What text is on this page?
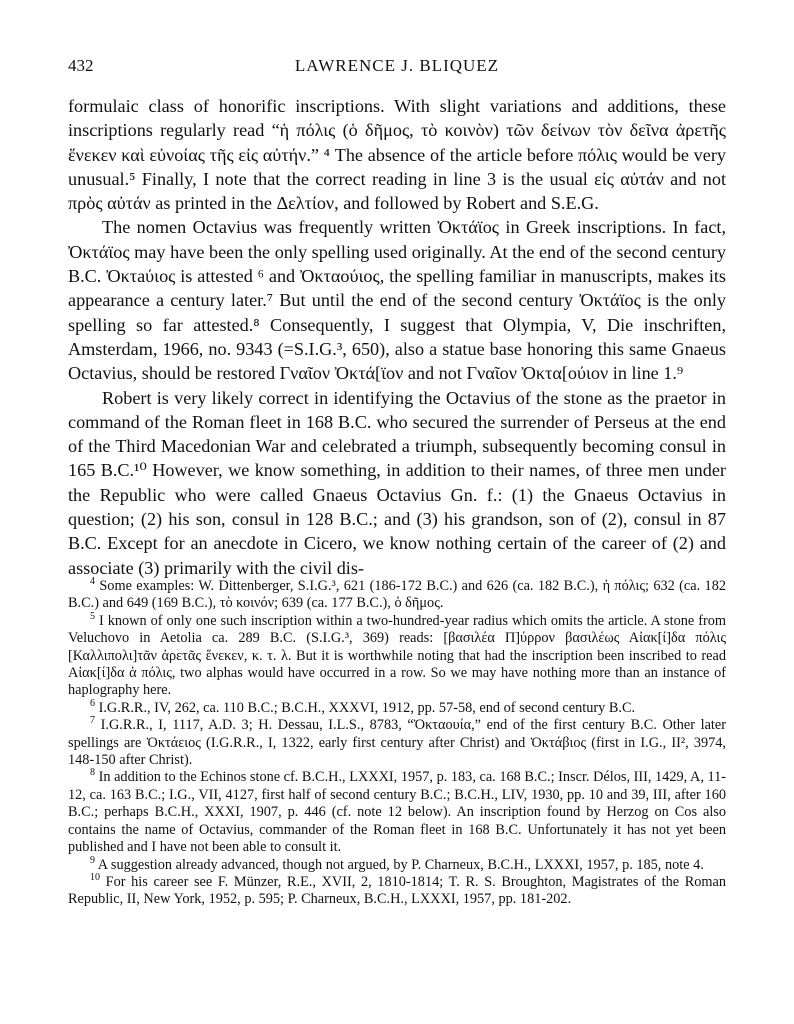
432	LAWRENCE J. BLIQUEZ

formulaic class of honorific inscriptions. With slight variations and additions, these inscriptions regularly read “ἡ πόλις (ὁ δῆμος, τὸ κοινὸν) τῶν δείνων τὸν δεῖνα ἀρετῆς ἕνεκεν καὶ εὐνοίας τῆς εἰς αὐτήν.” ⁴ The absence of the article before πόλις would be very unusual.⁵ Finally, I note that the correct reading in line 3 is the usual εἰς αὐτάν and not πρὸς αὐτάν as printed in the Δελτίον, and followed by Robert and S.E.G.

The nomen Octavius was frequently written Ὀκτάϊος in Greek inscriptions. In fact, Ὀκτάϊος may have been the only spelling used originally. At the end of the second century B.C. Ὀκτaύιος is attested ⁶ and Ὀκταούιος, the spelling familiar in manuscripts, makes its appearance a century later.⁷ But until the end of the second century Ὀκτάϊος is the only spelling so far attested.⁸ Consequently, I suggest that Olympia, V, Die inschriften, Amsterdam, 1966, no. 9343 (=S.I.G.³, 650), also a statue base honoring this same Gnaeus Octavius, should be restored Γναῖον Ὀκτά[ϊον and not Γναῖον Ὀκτα[ούιον in line 1.⁹

Robert is very likely correct in identifying the Octavius of the stone as the praetor in command of the Roman fleet in 168 B.C. who secured the surrender of Perseus at the end of the Third Macedonian War and celebrated a triumph, subsequently becoming consul in 165 B.C.¹⁰ However, we know something, in addition to their names, of three men under the Republic who were called Gnaeus Octavius Gn. f.: (1) the Gnaeus Octavius in question; (2) his son, consul in 128 B.C.; and (3) his grandson, son of (2), consul in 87 B.C. Except for an anecdote in Cicero, we know nothing certain of the career of (2) and associate (3) primarily with the civil dis-

$^4$ Some examples: W. Dittenberger, S.I.G.³, 621 (186-172 B.C.) and 626 (ca. 182 B.C.), ἡ πόλις; 632 (ca. 182 B.C.) and 649 (169 B.C.), τὸ κοινόν; 639 (ca. 177 B.C.), ὁ δῆμος.

$^5$ I known of only one such inscription within a two-hundred-year radius which omits the article. A stone from Veluchovo in Aetolia ca. 289 B.C. (S.I.G.³, 369) reads: [βασιλέα Π]ύρρον βασιλέως Αἰακ[ί]δα πόλις [Καλλιπολι]τᾶν ἀρετᾶς ἕνεκεν, κ. τ. λ. But it is worthwhile noting that had the inscription been inscribed to read Αἰακ[ί]δα ἁ πόλις, two alphas would have occurred in a row. So we may have nothing more than an instance of haplography here.

$^6$ I.G.R.R., IV, 262, ca. 110 B.C.; B.C.H., XXXVI, 1912, pp. 57-58, end of second century B.C.

$^7$ I.G.R.R., I, 1117, A.D. 3; H. Dessau, I.L.S., 8783, “Ὀκταουία,” end of the first century B.C. Other later spellings are Ὀκτάειος (I.G.R.R., I, 1322, early first century after Christ) and Ὀκτάβιος (first in I.G., II², 3974, 148-150 after Christ).

$^8$ In addition to the Echinos stone cf. B.C.H., LXXXI, 1957, p. 183, ca. 168 B.C.; Inscr. Délos, III, 1429, A, 11-12, ca. 163 B.C.; I.G., VII, 4127, first half of second century B.C.; B.C.H., LIV, 1930, pp. 10 and 39, III, after 160 B.C.; perhaps B.C.H., XXXI, 1907, p. 446 (cf. note 12 below). An inscription found by Herzog on Cos also contains the name of Octavius, commander of the Roman fleet in 168 B.C. Unfortunately it has not yet been published and I have not been able to consult it.

$^9$ A suggestion already advanced, though not argued, by P. Charneux, B.C.H., LXXXI, 1957, p. 185, note 4.

$^{10}$ For his career see F. Münzer, R.E., XVII, 2, 1810-1814; T. R. S. Broughton, Magistrates of the Roman Republic, II, New York, 1952, p. 595; P. Charneux, B.C.H., LXXXI, 1957, pp. 181-202.
